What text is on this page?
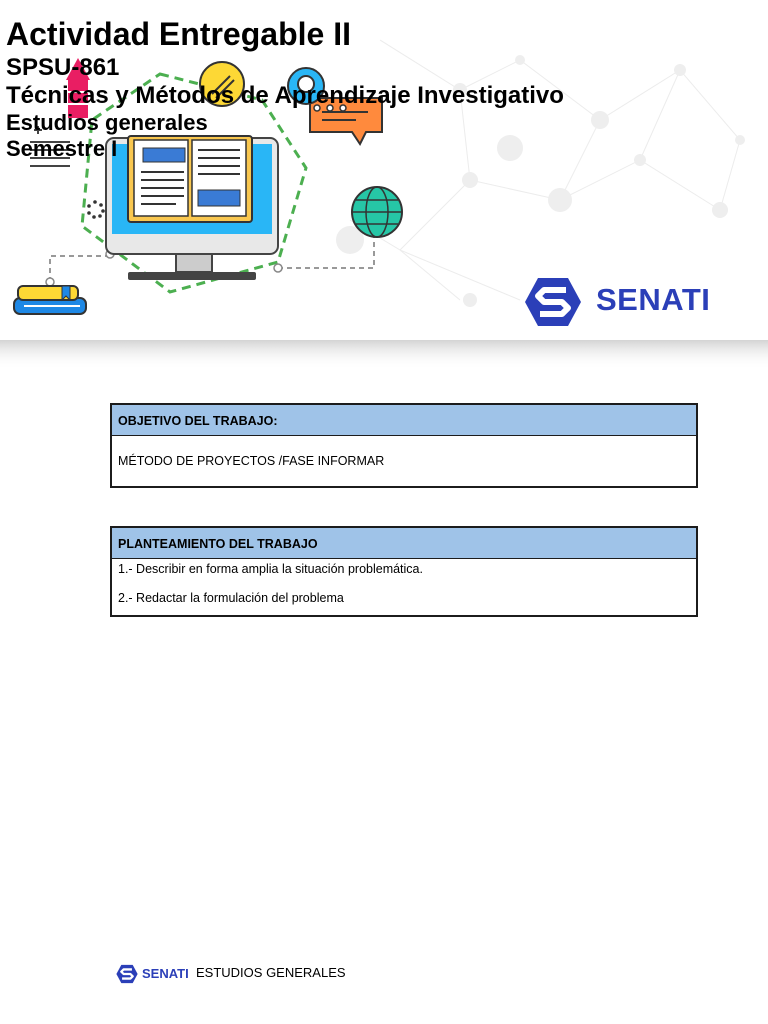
Actividad Entregable II

SPSU-861

Técnicas y Métodos de Aprendizaje Investigativo

Estudios generales

Semestre I

SENATI
OBJETIVO DEL TRABAJO:
MÉTODO DE PROYECTOS /FASE INFORMAR
PLANTEAMIENTO DEL TRABAJO
1.- Describir en forma amplia la situación problemática.
2.- Redactar la formulación del problema
SENATI ESTUDIOS GENERALES
